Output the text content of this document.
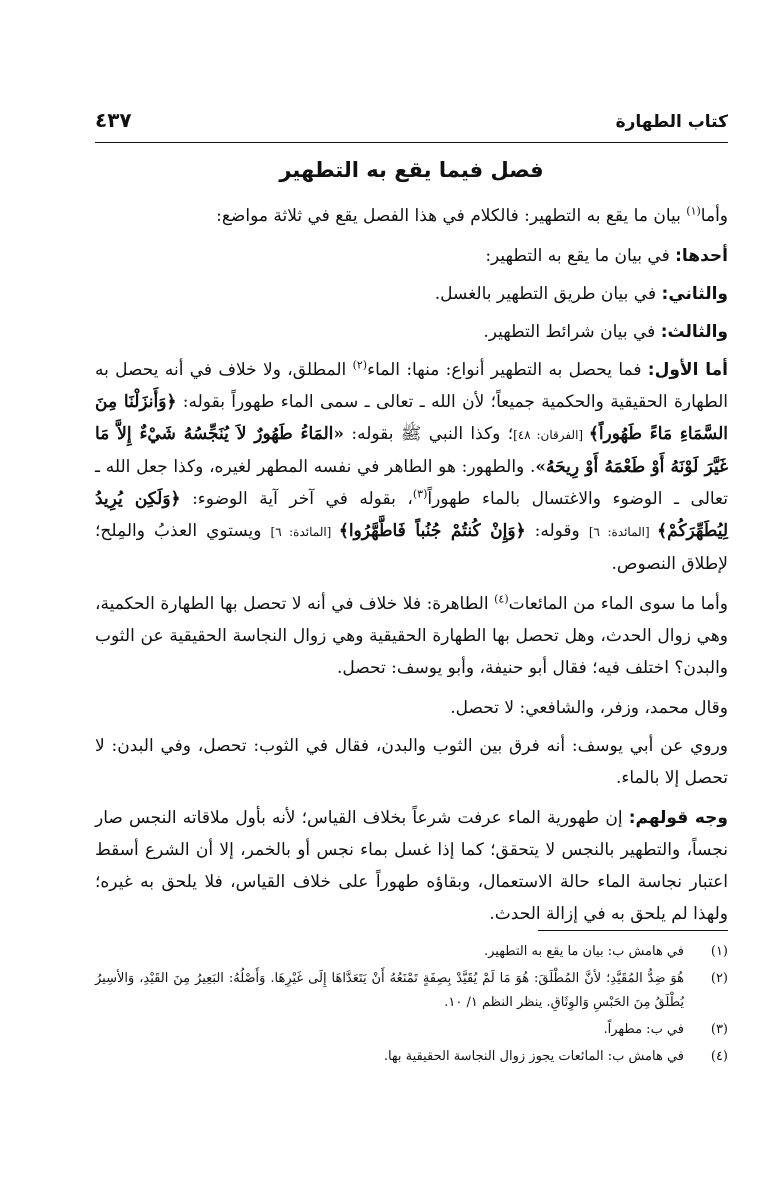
كتاب الطهارة
٤٣٧
فصل فيما يقع به التطهير

وأما$^{(١)}$ بيان ما يقع به التطهير: فالكلام في هذا الفصل يقع في ثلاثة مواضع:

أحدها: في بيان ما يقع به التطهير:

والثاني: في بيان طريق التطهير بالغسل.

والثالث: في بيان شرائط التطهير.

أما الأول: فما يحصل به التطهير أنواع: منها: الماء$^{(٢)}$ المطلق، ولا خلاف في أنه يحصل به الطهارة الحقيقية والحكمية جميعاً؛ لأن الله ـ تعالى ـ سمى الماء طهوراً بقوله: ﴿وَأَنزَلْنَا مِنَ السَّمَاءِ مَاءً طَهُوراً﴾ [الفرقان: ٤٨]؛ وكذا النبي ﷺ بقوله: «المَاءُ طَهُورٌ لاَ يُنَجِّسُهُ شَيْءٌ إِلاَّ مَا غَيَّرَ لَوْنَهُ أَوْ طَعْمَهُ أَوْ رِيحَهُ». والطهور: هو الطاهر في نفسه المطهر لغيره، وكذا جعل الله ـ تعالى ـ الوضوء والاغتسال بالماء طهوراً$^{(٣)}$، بقوله في آخر آية الوضوء: ﴿وَلَكِن يُرِيدُ لِيُطَهِّرَكُمْ﴾ [المائدة: ٦] وقوله: ﴿وَإِنْ كُنتُمْ جُنُباً فَاطَّهَّرُوا﴾ [المائدة: ٦] ويستوي العذبُ والمِلح؛ لإطلاق النصوص.

وأما ما سوى الماء من المائعات$^{(٤)}$ الطاهرة: فلا خلاف في أنه لا تحصل بها الطهارة الحكمية، وهي زوال الحدث، وهل تحصل بها الطهارة الحقيقية وهي زوال النجاسة الحقيقية عن الثوب والبدن؟ اختلف فيه؛ فقال أبو حنيفة، وأبو يوسف: تحصل.

وقال محمد، وزفر، والشافعي: لا تحصل.

وروي عن أبي يوسف: أنه فرق بين الثوب والبدن، فقال في الثوب: تحصل، وفي البدن: لا تحصل إلا بالماء.

وجه قولهم: إن طهورية الماء عرفت شرعاً بخلاف القياس؛ لأنه بأول ملاقاته النجس صار نجساً، والتطهير بالنجس لا يتحقق؛ كما إذا غسل بماء نجس أو بالخمر، إلا أن الشرع أسقط اعتبار نجاسة الماء حالة الاستعمال، وبقاؤه طهوراً على خلاف القياس، فلا يلحق به غيره؛ ولهذا لم يلحق به في إزالة الحدث.

(١)
في هامش ب: بيان ما يقع به التطهير.
(٢)
هُوَ ضِدُّ المُقَيَّدِ؛ لأنَّ المُطْلَقَ: هُوَ مَا لَمْ يُقَيَّدْ بِصِفَةٍ تَمْنَعُهُ أَنْ يَتَعَدَّاهَا إِلَى غَيْرِهَا. وَأَصْلُهُ: البَعِيرُ مِنَ القَيْدِ، وَالأسِيرُ يُطْلَقُ مِنَ الحَبْسِ وَالوِثَاقِ. ينظر النظم ١/ ١٠.
(٣)
في ب: مطهراً.
(٤)
في هامش ب: المائعات يجوز زوال النجاسة الحقيقية بها.
